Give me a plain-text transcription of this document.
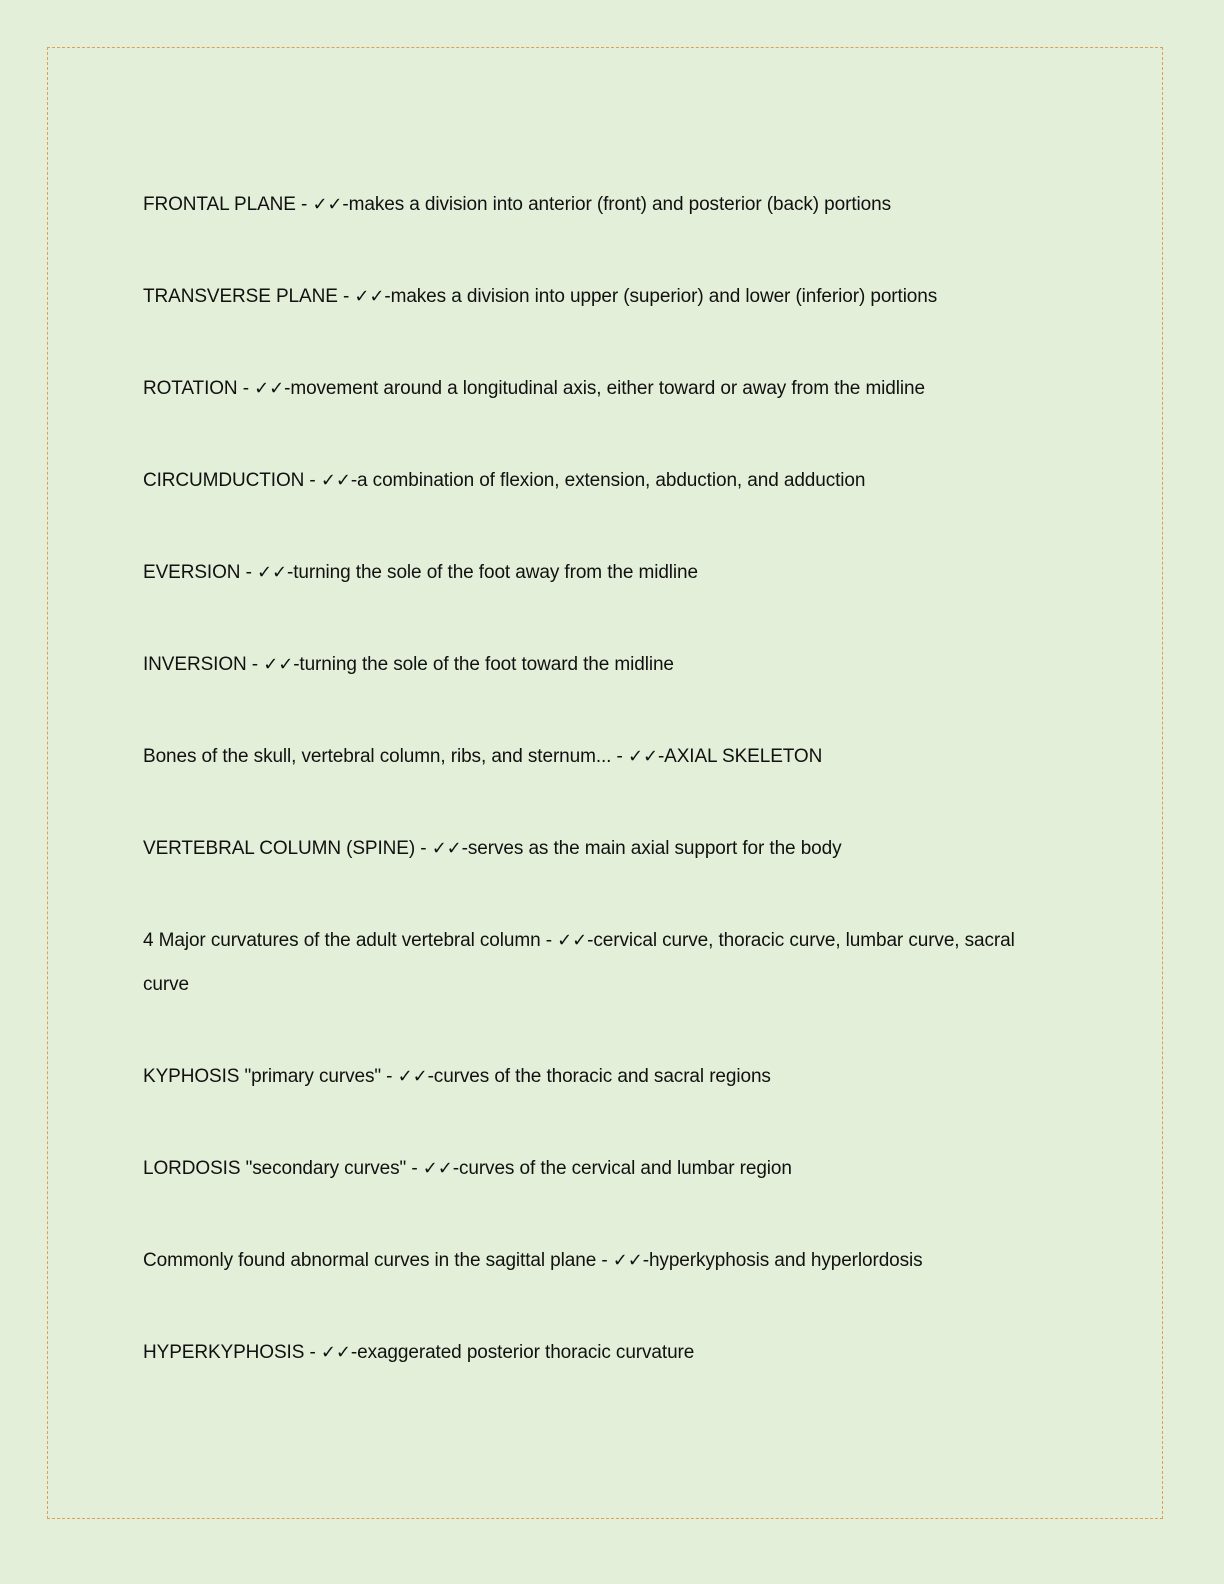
FRONTAL PLANE - ✓✓-makes a division into anterior (front) and posterior (back) portions

TRANSVERSE PLANE - ✓✓-makes a division into upper (superior) and lower (inferior) portions

ROTATION - ✓✓-movement around a longitudinal axis, either toward or away from the midline

CIRCUMDUCTION - ✓✓-a combination of flexion, extension, abduction, and adduction

EVERSION - ✓✓-turning the sole of the foot away from the midline

INVERSION - ✓✓-turning the sole of the foot toward the midline

Bones of the skull, vertebral column, ribs, and sternum... - ✓✓-AXIAL SKELETON

VERTEBRAL COLUMN (SPINE) - ✓✓-serves as the main axial support for the body

4 Major curvatures of the adult vertebral column - ✓✓-cervical curve, thoracic curve, lumbar curve, sacral curve

KYPHOSIS "primary curves" - ✓✓-curves of the thoracic and sacral regions

LORDOSIS "secondary curves" - ✓✓-curves of the cervical and lumbar region

Commonly found abnormal curves in the sagittal plane - ✓✓-hyperkyphosis and hyperlordosis

HYPERKYPHOSIS - ✓✓-exaggerated posterior thoracic curvature
